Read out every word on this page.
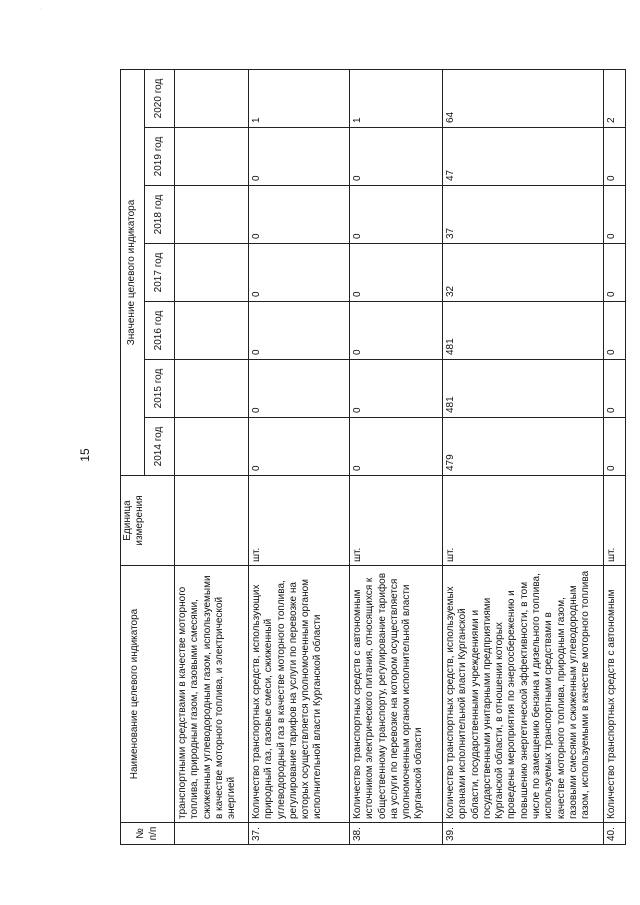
·
15
№ п/п	Наименование целевого индикатора	Единица измерения	Значение целевого индикатора						
			2014 год	2015 год	2016 год	2017 год	2018 год	2019 год	2020 год
	транспортными средствами в качестве моторного топлива, природным газом, газовыми смесями, сжиженным углеводородным газом, используемыми в качестве моторного топлива, и электрической энергией								
37.	Количество транспортных средств, использующих природный газ, газовые смеси, сжиженный углеводородный газ в качестве моторного топлива, регулирование тарифов на услуги по перевозке на которых осуществляется уполномоченным органом исполнительной власти Курганской области	шт.	0	0	0	0	0	0	1
38.	Количество транспортных средств с автономным источником электрического питания, относящихся к общественному транспорту, регулирование тарифов на услуги по перевозке на котором осуществляется уполномоченным органом исполнительной власти Курганской области	шт.	0	0	0	0	0	0	1
39.	Количество транспортных средств, используемых органами исполнительной власти Курганской области, государственными учреждениями и государственными унитарными предприятиями Курганской области, в отношении которых проведены мероприятия по энергосбережению и повышению энергетической эффективности, в том числе по замещению бензина и дизельного топлива, используемых транспортными средствами в качестве моторного топлива, природным газом, газовыми смесями и сжиженным углеводородным газом, используемыми в качестве моторного топлива	шт.	479	481	481	32	37	47	64
40.	Количество транспортных средств с автономным	шт.	0	0	0	0	0	0	2
